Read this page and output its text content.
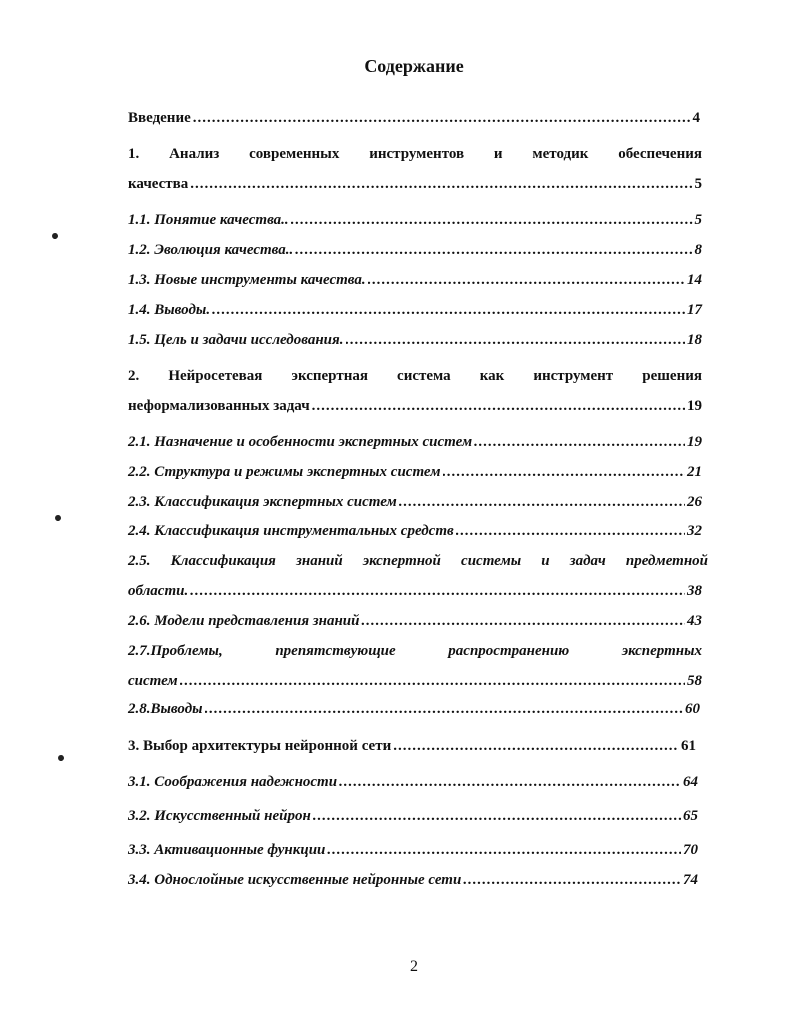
Содержание
Введение .....	4
1. Анализ современных инструментов и методик обеспечения
качества .....	5
1.1. Понятие качества.. .....	5
1.2. Эволюция качества.. .....	8
1.3. Новые инструменты качества. .....	14
1.4. Выводы. .....	17
1.5. Цель и задачи исследования. .....	18
2. Нейросетевая экспертная система как инструмент решения
неформализованных задач .....	19
2.1. Назначение и особенности экспертных систем .....	19
2.2. Структура и режимы экспертных систем .....	21
2.3. Классификация экспертных систем .....	26
2.4. Классификация инструментальных средств .....	32
2.5. Классификация знаний экспертной системы и задач предметной
области. .....	38
2.6. Модели представления знаний .....	43
2.7.Проблемы, препятствующие распространению экспертных
систем .....	58
2.8.Выводы .....	60
3. Выбор архитектуры нейронной сети .....	61
3.1. Соображения надежности .....	64
3.2. Искусственный нейрон .....	65
3.3. Активационные функции .....	70
3.4. Однослойные искусственные нейронные сети .....	74
2
